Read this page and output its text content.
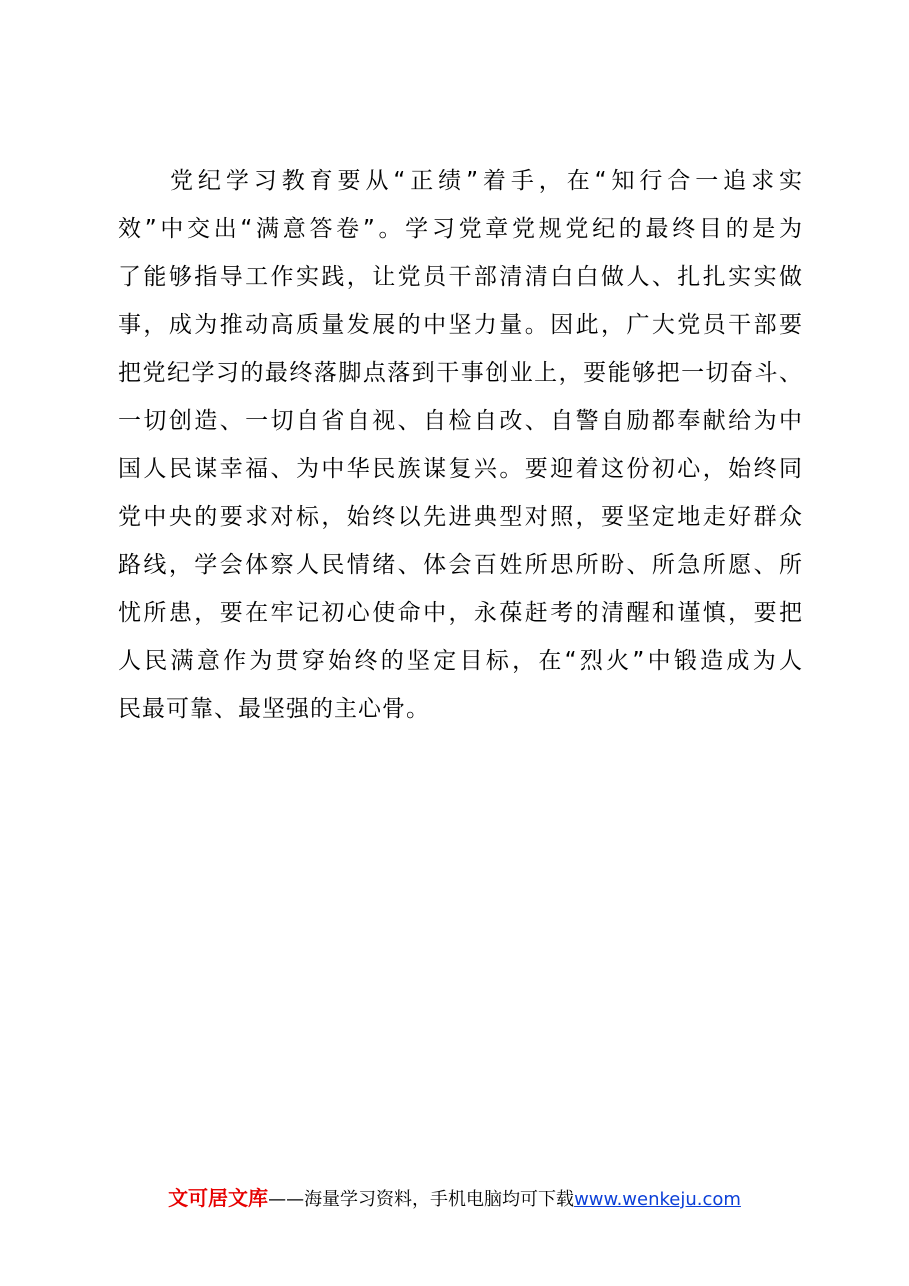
党纪学习教育要从“正绩”着手，在“知行合一追求实
效”中交出“满意答卷”。学习党章党规党纪的最终目的是为
了能够指导工作实践，让党员干部清清白白做人、扎扎实实做
事，成为推动高质量发展的中坚力量。因此，广大党员干部要
把党纪学习的最终落脚点落到干事创业上，要能够把一切奋斗、
一切创造、一切自省自视、自检自改、自警自励都奉献给为中
国人民谋幸福、为中华民族谋复兴。要迎着这份初心，始终同
党中央的要求对标，始终以先进典型对照，要坚定地走好群众
路线，学会体察人民情绪、体会百姓所思所盼、所急所愿、所
忧所患，要在牢记初心使命中，永葆赶考的清醒和谨慎，要把
人民满意作为贯穿始终的坚定目标，在“烈火”中锻造成为人
民最可靠、最坚强的主心骨。
文可居文库——海量学习资料，手机电脑均可下载www.wenkeju.com
